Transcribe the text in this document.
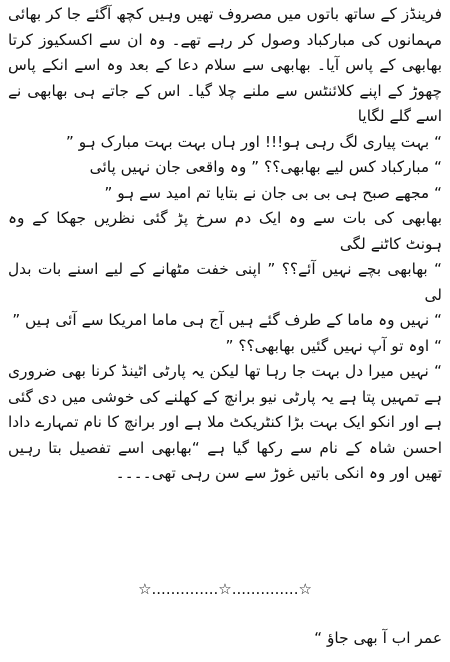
فرینڈز کے ساتھ باتوں میں مصروف تھیں وہیں کچھ آگئے جا کر بھائی مہمانوں کی مبارکباد وصول کر رہے تھے۔ وہ ان سے اکسکیوز کرتا بھابھی کے پاس آیا۔ بھابھی سے سلام دعا کے بعد وہ اسے انکے پاس چھوڑ کے اپنے کلائنٹس سے ملنے چلا گیا۔ اس کے جاتے ہی بھابھی نے اسے گلے لگایا

“ بہت پیاری لگ رہی ہو!!! اور ہاں بہت بہت مبارک ہو ”

“ مبارکباد کس لیے بھابھی؟؟ ” وہ واقعی جان نہیں پائی

“ مجھے صبح ہی بی بی جان نے بتایا تم امید سے ہو ”

بھابھی کی بات سے وہ ایک دم سرخ پڑ گئی نظریں جھکا کے وہ ہونٹ کاٹنے لگی

“ بھابھی بچے نہیں آئے؟؟ ” اپنی خفت مٹھانے کے لیے اسنے بات بدل لی

“ نہیں وہ ماما کے طرف گئے ہیں آج ہی ماما امریکا سے آئی ہیں ”

“ اوہ تو آپ نہیں گئیں بھابھی؟؟ ”

“ نہیں میرا دل بہت جا رہا تھا لیکن یہ پارٹی اٹینڈ کرنا بھی ضروری ہے تمہیں پتا ہے یہ پارٹی نیو برانچ کے کھلنے کی خوشی میں دی گئی ہے اور انکو ایک بہت بڑا کنٹریکٹ ملا ہے اور برانچ کا نام تمہارے دادا احسن شاہ کے نام سے رکھا گیا ہے “بھابھی اسے تفصیل بتا رہیں تھیں اور وہ انکی باتیں غوڑ سے سن رہی تھی۔۔۔۔

☆..............☆..............☆
عمر اب آ بھی جاؤ “
